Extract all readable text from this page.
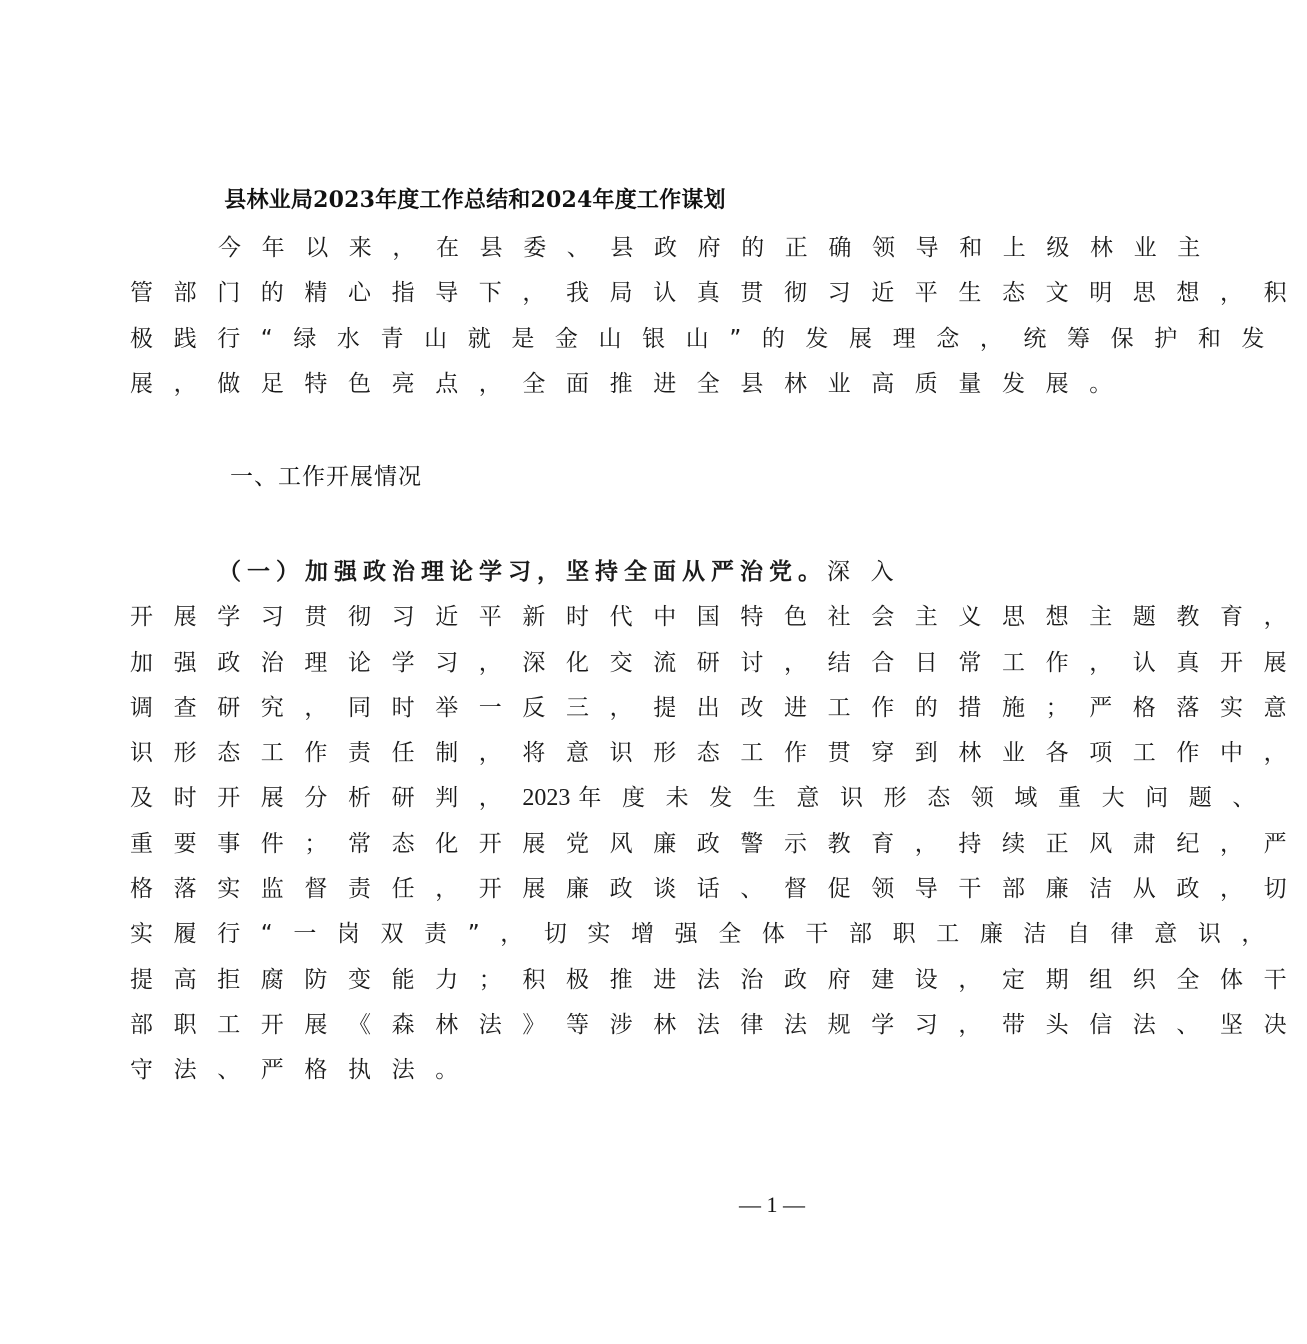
县林业局2023年度工作总结和2024年度工作谋划
今年以来，在县委、县政府的正确领导和上级林业主
管部门的精心指导下，我局认真贯彻习近平生态文明思想，积
极践行“绿水青山就是金山银山”的发展理念，统筹保护和发
展，做足特色亮点，全面推进全县林业高质量发展。
一、工作开展情况
（一）加强政治理论学习，坚持全面从严治党。深入
开展学习贯彻习近平新时代中国特色社会主义思想主题教育，
加强政治理论学习，深化交流研讨，结合日常工作，认真开展
调查研究，同时举一反三，提出改进工作的措施；严格落实意
识形态工作责任制，将意识形态工作贯穿到林业各项工作中，
及时开展分析研判，2023 年度未发生意识形态领域重大问题、
重要事件；常态化开展党风廉政警示教育，持续正风肃纪，严
格落实监督责任，开展廉政谈话、督促领导干部廉洁从政，切
实履行“一岗双责”，切实增强全体干部职工廉洁自律意识，
提高拒腐防变能力；积极推进法治政府建设，定期组织全体干
部职工开展《森林法》等涉林法律法规学习，带头信法、坚决
守法、严格执法。
— 1 —
